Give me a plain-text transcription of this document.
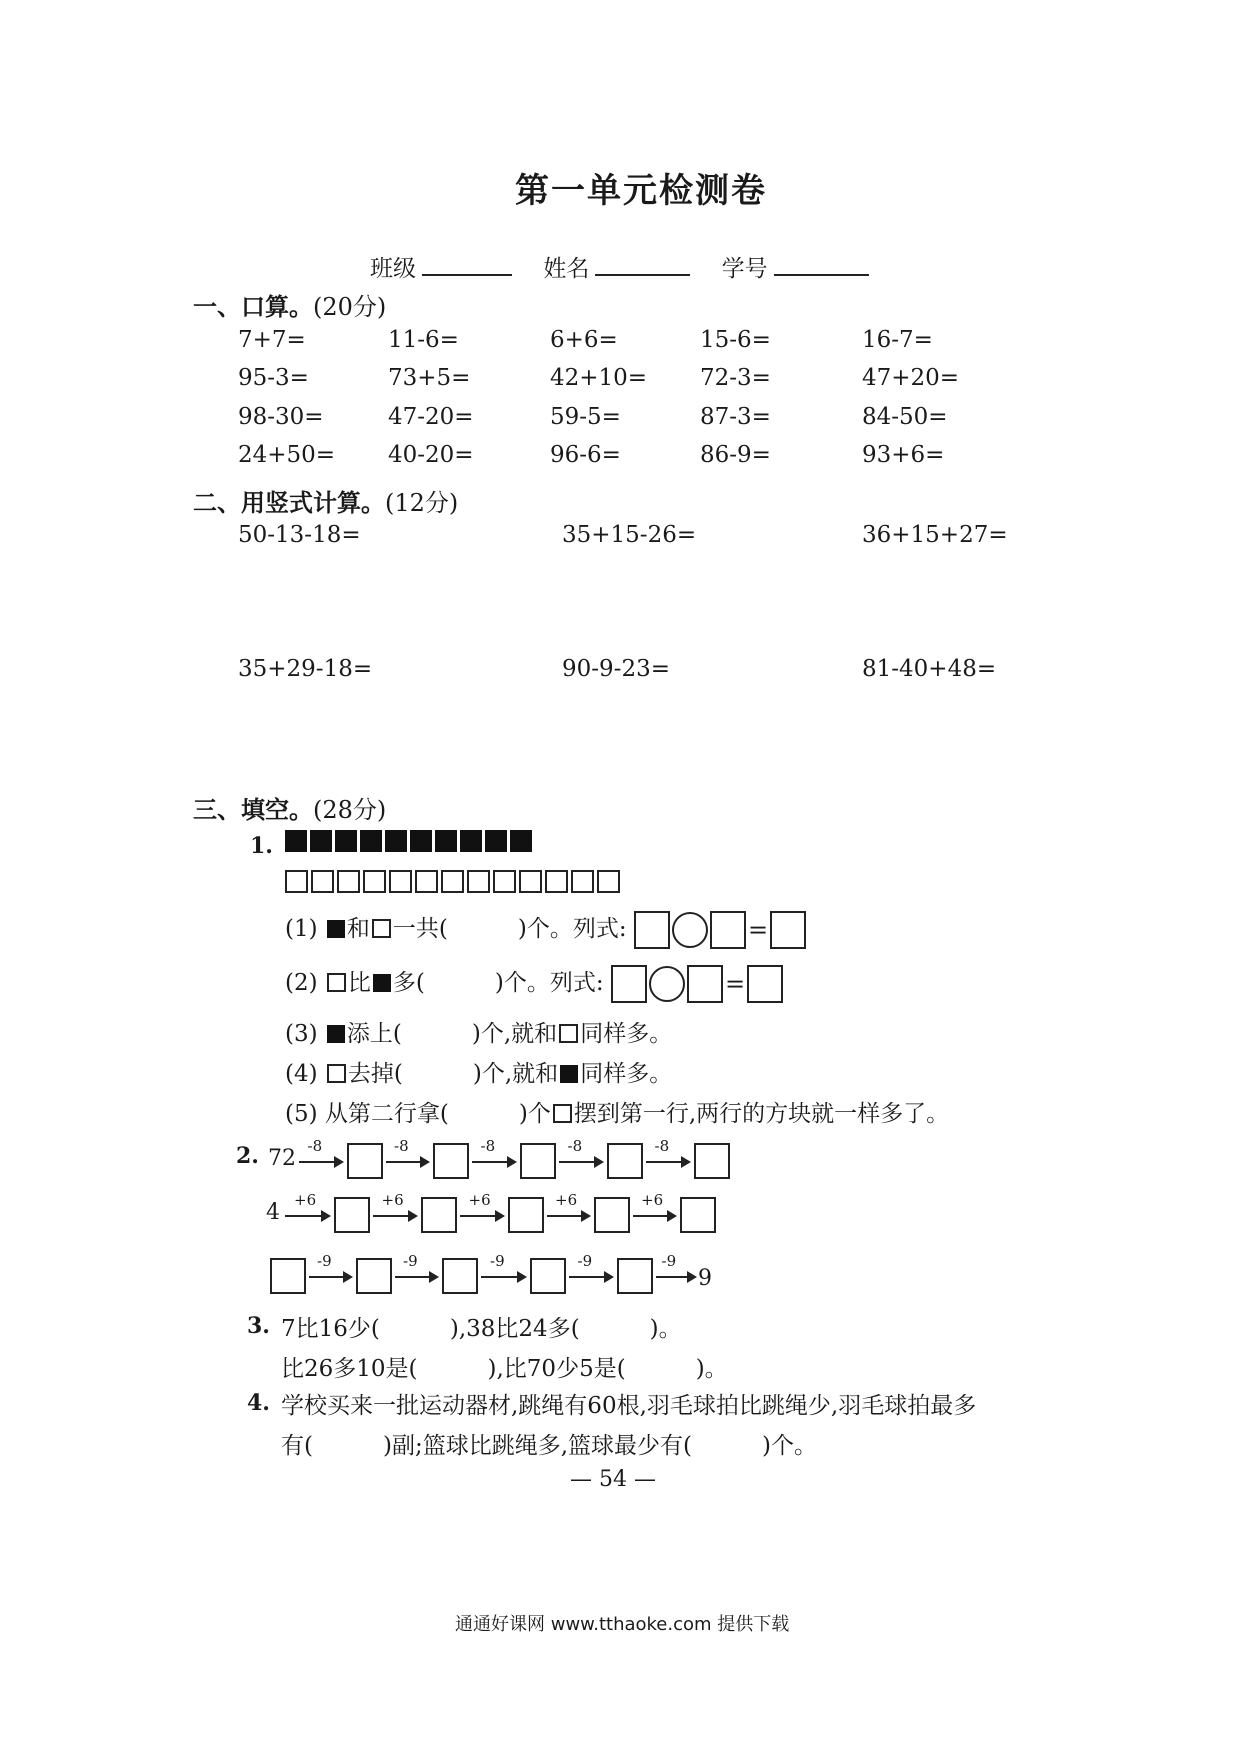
第一单元检测卷
班级	姓名	学号
一、口算。(20分)
7+7=	11-6=	6+6=	15-6=	16-7=
95-3=	73+5=	42+10= 72-3=	47+20=
98-30=	47-20=	59-5=	87-3=	84-50=
24+50= 40-20=	96-6=	86-9=	93+6=
二、用竖式计算。(12分)
50-13-18=	35+15-26=	36+15+27=
35+29-18=	90-9-23=	81-40+48=
三、填空。(28分)
1.
(1) 和 一共(	)个。列式:	=
(2) 比 多(	)个。列式:	=
(3) 添上(	)个,就和 同样多。
(4) 去掉(	)个,就和 同样多。
(5) 从第二行拿(	)个 摆到第一行,两行的方块就一样多了。
2. 72 -8	-8	-8	-8	-8
4 +6	+6	+6	+6	+6
-9	-9	-9	-9	-9
9
3. 7比16少(	),38比24多(	)。
比26多10是(	),比70少5是(	)。
4. 学校买来一批运动器材,跳绳有60根,羽毛球拍比跳绳少,羽毛球拍最多
有(	)副;篮球比跳绳多,篮球最少有(	)个。
— 54 —
通通好课网 www.tthaoke.com 提供下载
